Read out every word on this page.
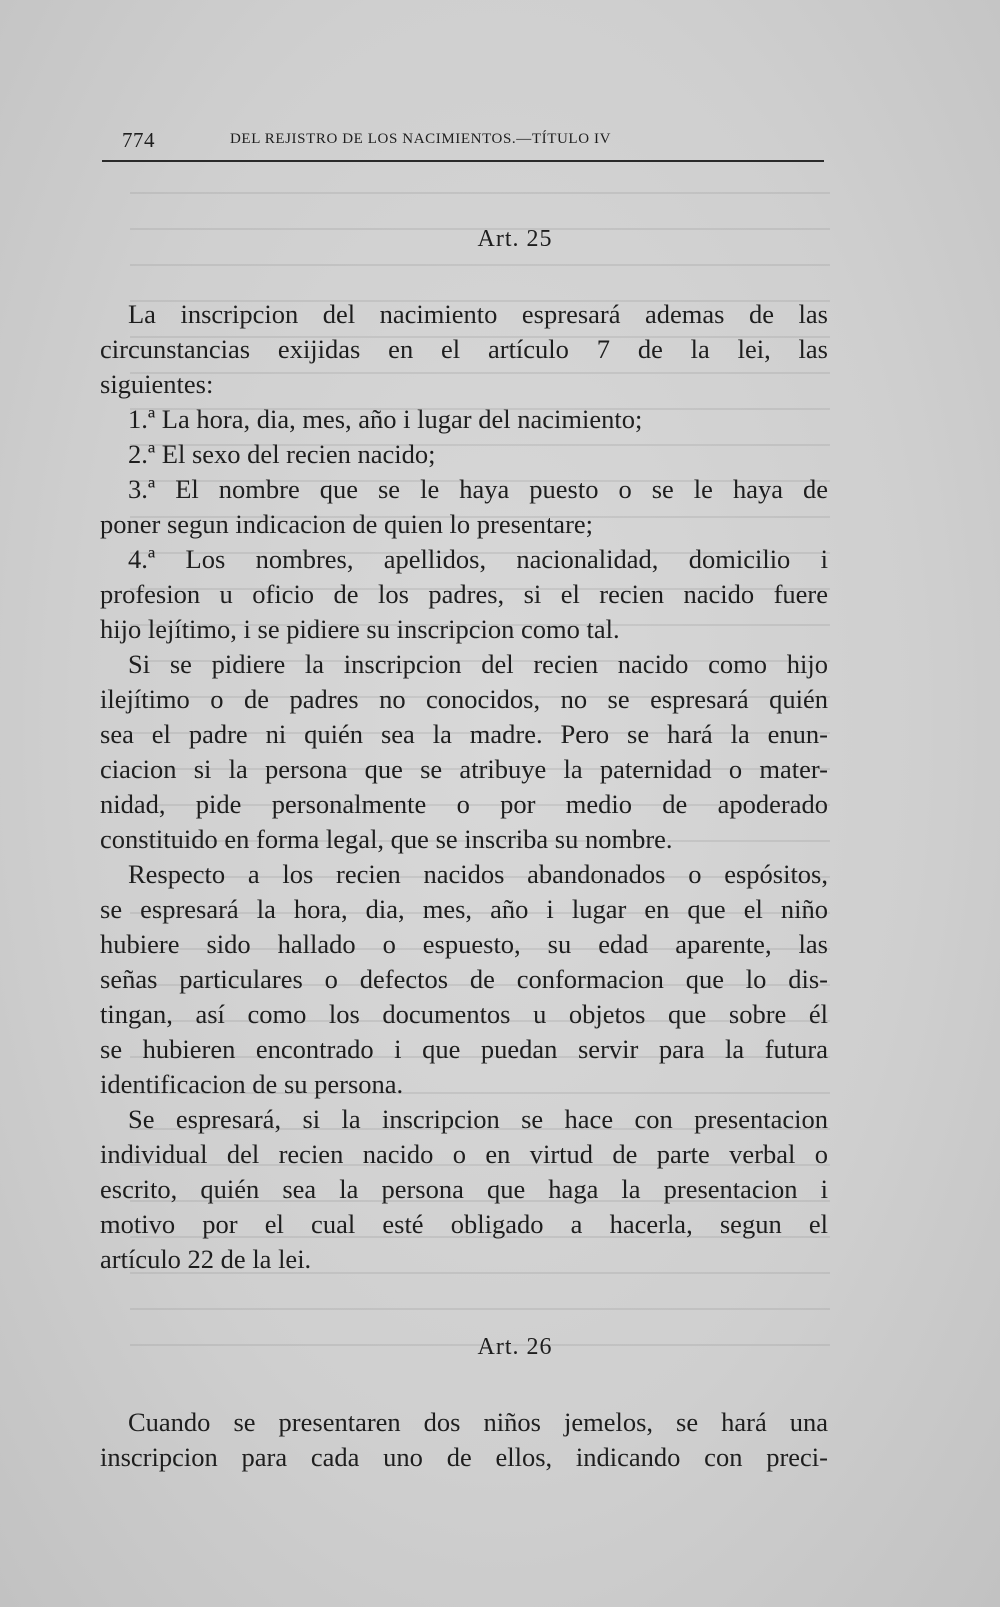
774	DEL REJISTRO DE LOS NACIMIENTOS.—TÍTULO IV
Art. 25

La inscripcion del nacimiento espresará ademas de las
circunstancias exijidas en el artículo 7 de la lei, las
siguientes:

1.ª La hora, dia, mes, año i lugar del nacimiento;

2.ª El sexo del recien nacido;

3.ª El nombre que se le haya puesto o se le haya de
poner segun indicacion de quien lo presentare;

4.ª Los nombres, apellidos, nacionalidad, domicilio i
profesion u oficio de los padres, si el recien nacido fuere
hijo lejítimo, i se pidiere su inscripcion como tal.

Si se pidiere la inscripcion del recien nacido como hijo
ilejítimo o de padres no conocidos, no se espresará quién
sea el padre ni quién sea la madre. Pero se hará la enun-
ciacion si la persona que se atribuye la paternidad o mater-
nidad, pide personalmente o por medio de apoderado
constituido en forma legal, que se inscriba su nombre.

Respecto a los recien nacidos abandonados o espósitos,
se espresará la hora, dia, mes, año i lugar en que el niño
hubiere sido hallado o espuesto, su edad aparente, las
señas particulares o defectos de conformacion que lo dis-
tingan, así como los documentos u objetos que sobre él
se hubieren encontrado i que puedan servir para la futura
identificacion de su persona.

Se espresará, si la inscripcion se hace con presentacion
individual del recien nacido o en virtud de parte verbal o
escrito, quién sea la persona que haga la presentacion i
motivo por el cual esté obligado a hacerla, segun el
artículo 22 de la lei.

Art. 26

Cuando se presentaren dos niños jemelos, se hará una
inscripcion para cada uno de ellos, indicando con preci-
